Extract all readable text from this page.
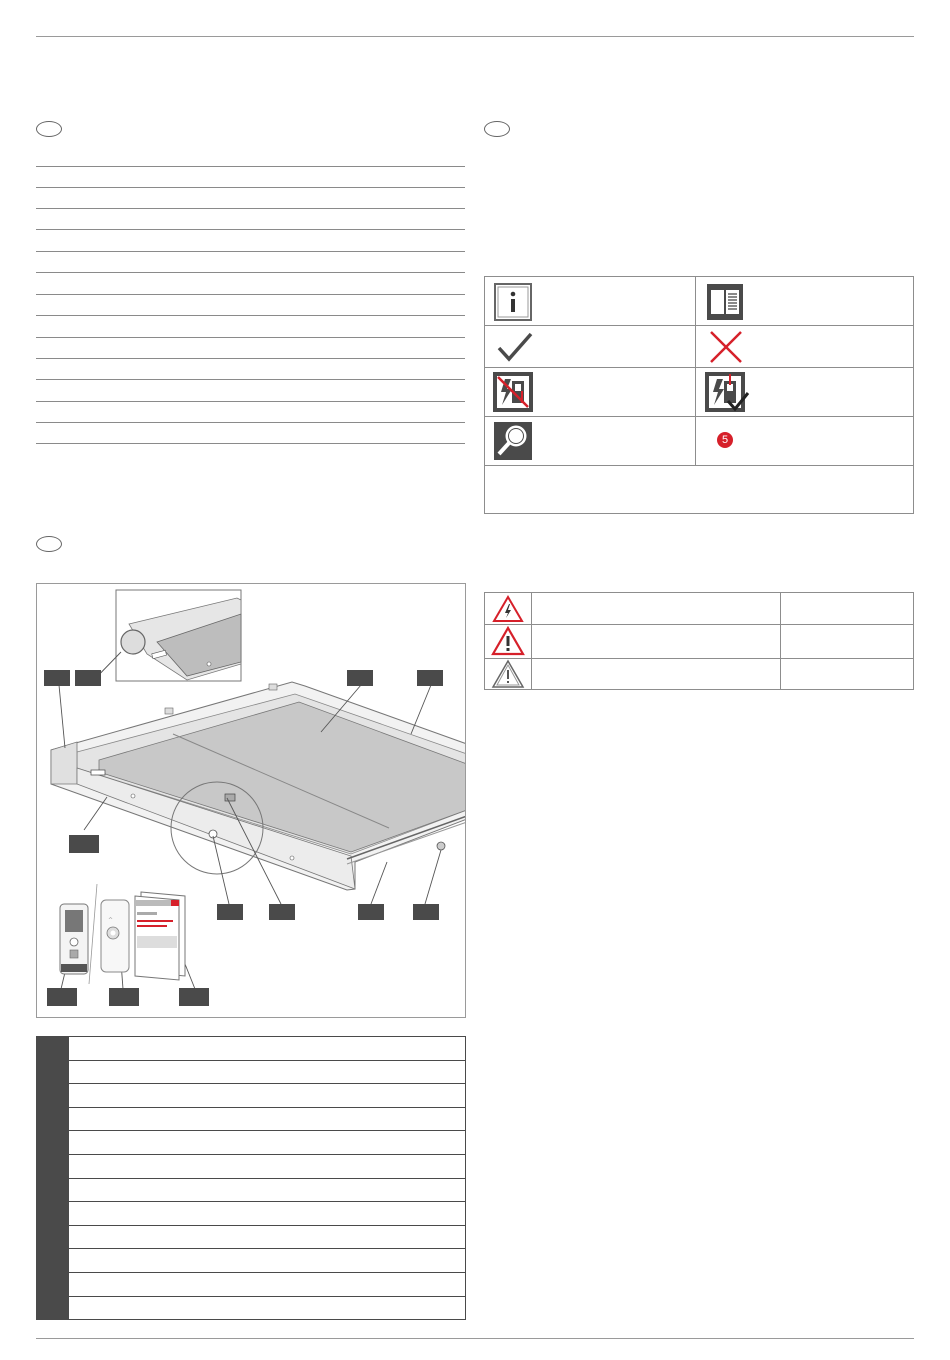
5
^
